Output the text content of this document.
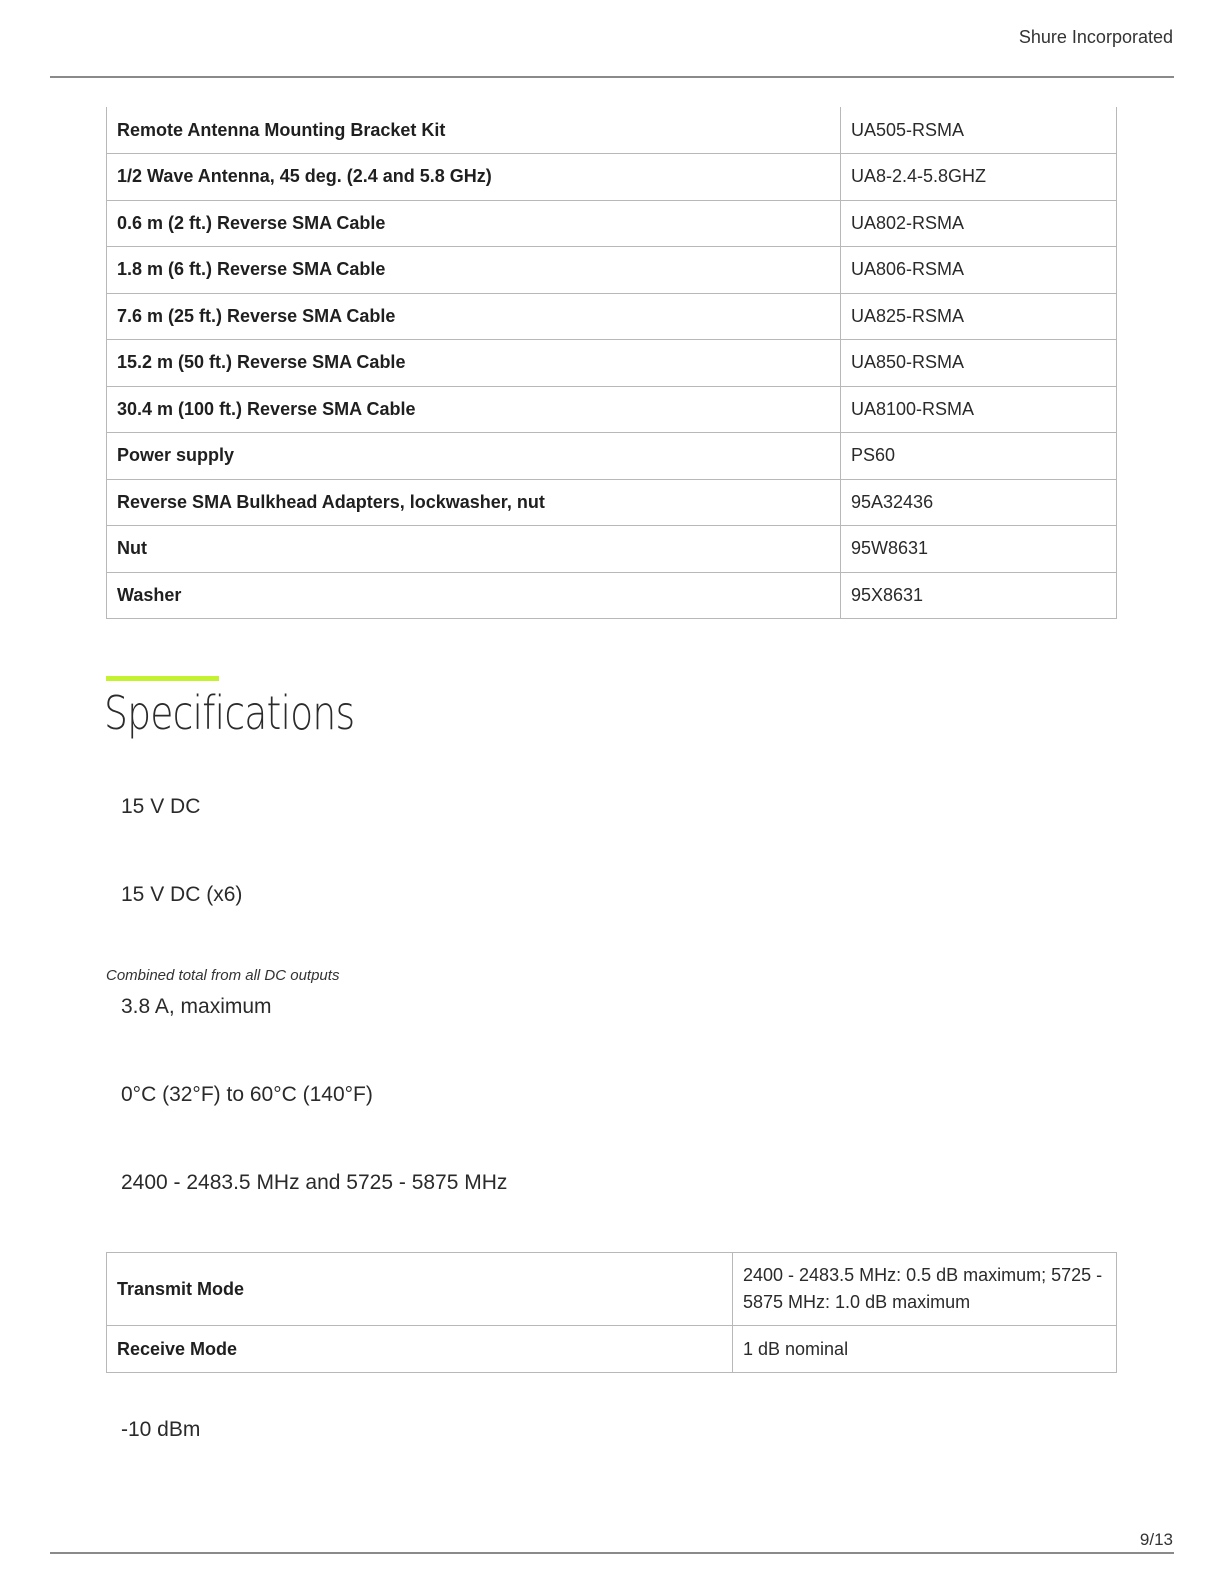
Shure Incorporated
Remote Antenna Mounting Bracket Kit	UA505-RSMA
1/2 Wave Antenna, 45 deg. (2.4 and 5.8 GHz)	UA8-2.4-5.8GHZ
0.6 m (2 ft.) Reverse SMA Cable	UA802-RSMA
1.8 m (6 ft.) Reverse SMA Cable	UA806-RSMA
7.6 m (25 ft.) Reverse SMA Cable	UA825-RSMA
15.2 m (50 ft.) Reverse SMA Cable	UA850-RSMA
30.4 m (100 ft.) Reverse SMA Cable	UA8100-RSMA
Power supply	PS60
Reverse SMA Bulkhead Adapters, lockwasher, nut	95A32436
Nut	95W8631
Washer	95X8631
Specifications
15 V DC
15 V DC (x6)
Combined total from all DC outputs
3.8 A, maximum
0°C (32°F) to 60°C (140°F)
2400 - 2483.5 MHz and 5725 - 5875 MHz
Transmit Mode	2400 - 2483.5 MHz: 0.5 dB maximum; 5725 - 5875 MHz: 1.0 dB maximum
Receive Mode	1 dB nominal
-10 dBm
9/13
